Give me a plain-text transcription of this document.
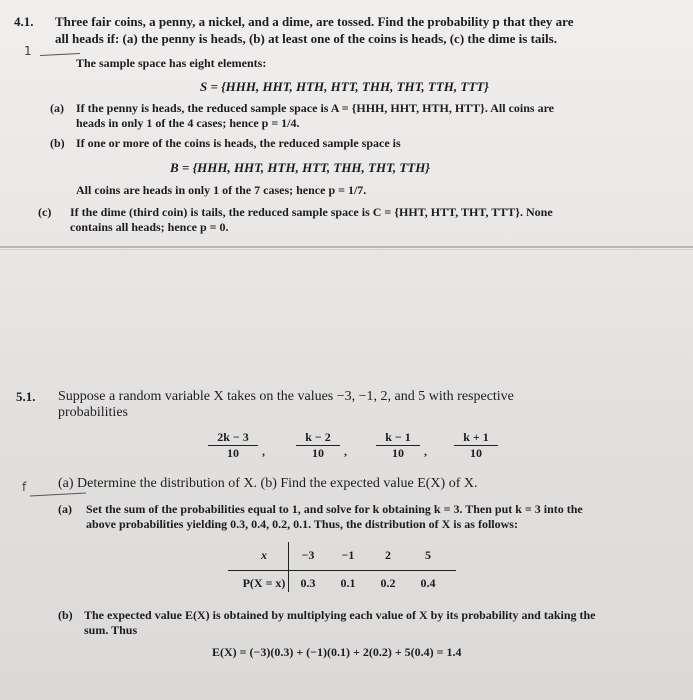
4.1.
1
Three fair coins, a penny, a nickel, and a dime, are tossed. Find the probability p that they are
all heads if: (a) the penny is heads, (b) at least one of the coins is heads, (c) the dime is tails.
The sample space has eight elements:
S = {HHH, HHT, HTH, HTT, THH, THT, TTH, TTT}
(a) If the penny is heads, the reduced sample space is A = {HHH, HHT, HTH, HTT}. All coins are
heads in only 1 of the 4 cases; hence p = 1/4.
(b) If one or more of the coins is heads, the reduced sample space is
B = {HHH, HHT, HTH, HTT, THH, THT, TTH}
All coins are heads in only 1 of the 7 cases; hence p = 1/7.
(c) If the dime (third coin) is tails, the reduced sample space is C = {HHT, HTT, THT, TTT}. None
contains all heads; hence p = 0.
5.1. Suppose a random variable X takes on the values −3, −1, 2, and 5 with respective
probabilities
$\frac{2k - 3}{10}$ ,	$\frac{k - 2}{10}$ , $\frac{k - 1}{10}$ , $\frac{k + 1}{10}$
f (a) Determine the distribution of X. (b) Find the expected value E(X) of X.
(a) Set the sum of the probabilities equal to 1, and solve for k obtaining k = 3. Then put k = 3 into the
above probabilities yielding 0.3, 0.4, 0.2, 0.1. Thus, the distribution of X is as follows:
x	−3	−1	2	5
P(X = x)	0.3	0.1	0.2	0.4
(b) The expected value E(X) is obtained by multiplying each value of X by its probability and taking the
sum. Thus
E(X) = (−3)(0.3) + (−1)(0.1) + 2(0.2) + 5(0.4) = 1.4
